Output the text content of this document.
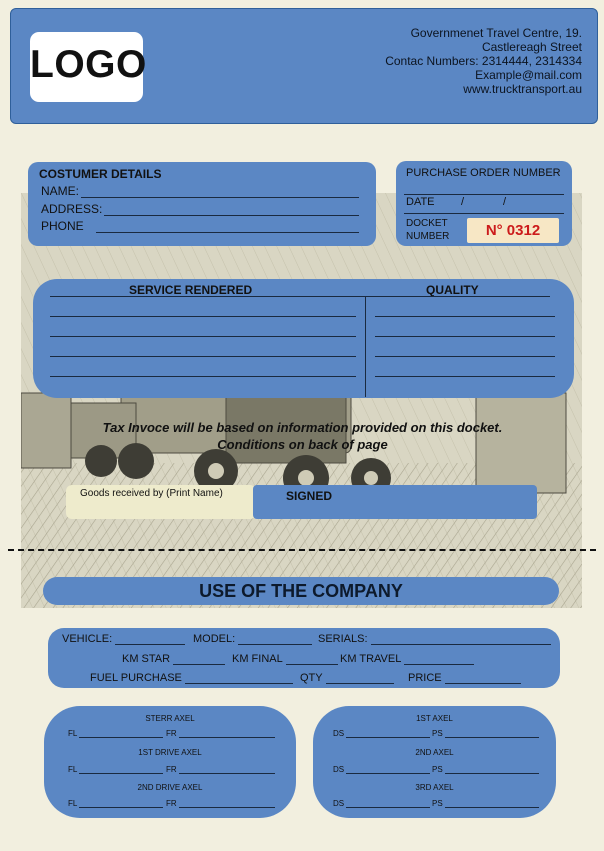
LOGO
Governmenet Travel Centre, 19.
Castlereagh Street
Contac Numbers: 2314444, 2314334
Example@mail.com
www.trucktransport.au
COSTUMER DETAILS
NAME:
ADDRESS:
PHONE
PURCHASE ORDER NUMBER
DATE /	/
DOCKET
NUMBER	N° 0312
SERVICE RENDERED	QUALITY
Tax Invoce will be based on information provided on this docket.
Conditions on back of page
Goods received by (Print Name)	SIGNED
USE OF THE COMPANY
VEHICLE:	MODEL:	SERIALS:
KM STAR	KM FINAL	KM TRAVEL
FUEL PURCHASE	QTY	PRICE
STERR AXEL
FL	FR
1ST DRIVE AXEL
FL	FR
2ND DRIVE AXEL
FL	FR
1ST AXEL
DS	PS
2ND AXEL
DS	PS
3RD AXEL
DS	PS
